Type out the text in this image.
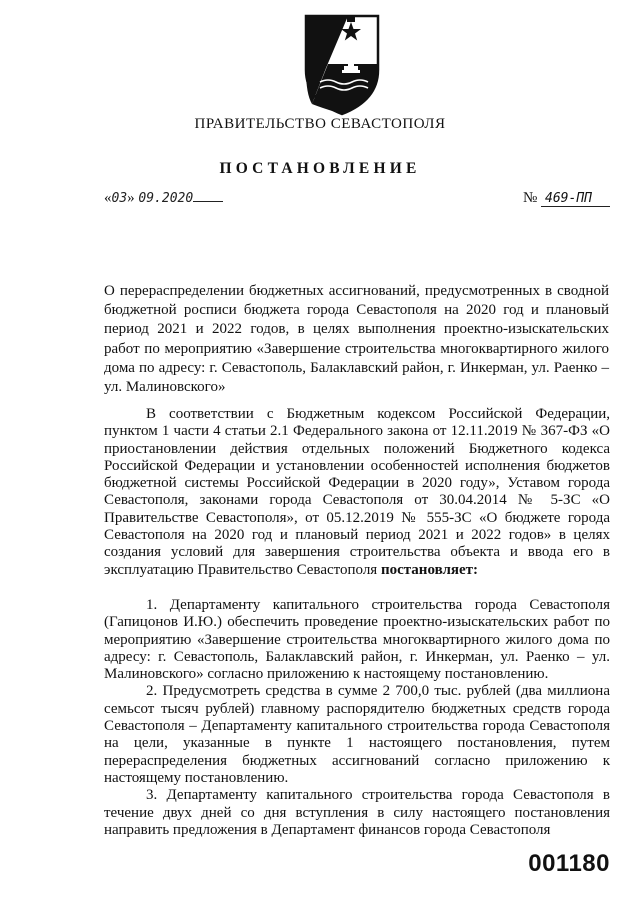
ПРАВИТЕЛЬСТВО СЕВАСТОПОЛЯ
ПОСТАНОВЛЕНИЕ
«03» 09.2020	№ 469-ПП
О перераспределении бюджетных ассигнований, предусмотренных в сводной бюджетной росписи бюджета города Севастополя на 2020 год и плановый период 2021 и 2022 годов, в целях выполнения проектно-изыскательских работ по мероприятию «Завершение строительства многоквартирного жилого дома по адресу: г. Севастополь, Балаклавский район, г. Инкерман, ул. Раенко – ул. Малиновского»

В соответствии с Бюджетным кодексом Российской Федерации, пунктом 1 части 4 статьи 2.1 Федерального закона от 12.11.2019 № 367-ФЗ «О приостановлении действия отдельных положений Бюджетного кодекса Российской Федерации и установлении особенностей исполнения бюджетов бюджетной системы Российской Федерации в 2020 году», Уставом города Севастополя, законами города Севастополя от 30.04.2014 № 5-ЗС «О Правительстве Севастополя», от 05.12.2019 № 555-ЗС «О бюджете города Севастополя на 2020 год и плановый период 2021 и 2022 годов» в целях создания условий для завершения строительства объекта и ввода его в эксплуатацию Правительство Севастополя постановляет:

1. Департаменту капитального строительства города Севастополя (Гапицонов И.Ю.) обеспечить проведение проектно-изыскательских работ по мероприятию «Завершение строительства многоквартирного жилого дома по адресу: г. Севастополь, Балаклавский район, г. Инкерман, ул. Раенко – ул. Малиновского» согласно приложению к настоящему постановлению.

2. Предусмотреть средства в сумме 2 700,0 тыс. рублей (два миллиона семьсот тысяч рублей) главному распорядителю бюджетных средств города Севастополя – Департаменту капитального строительства города Севастополя на цели, указанные в пункте 1 настоящего постановления, путем перераспределения бюджетных ассигнований согласно приложению к настоящему постановлению.

3. Департаменту капитального строительства города Севастополя в течение двух дней со дня вступления в силу настоящего постановления направить предложения в Департамент финансов города Севастополя

001180
